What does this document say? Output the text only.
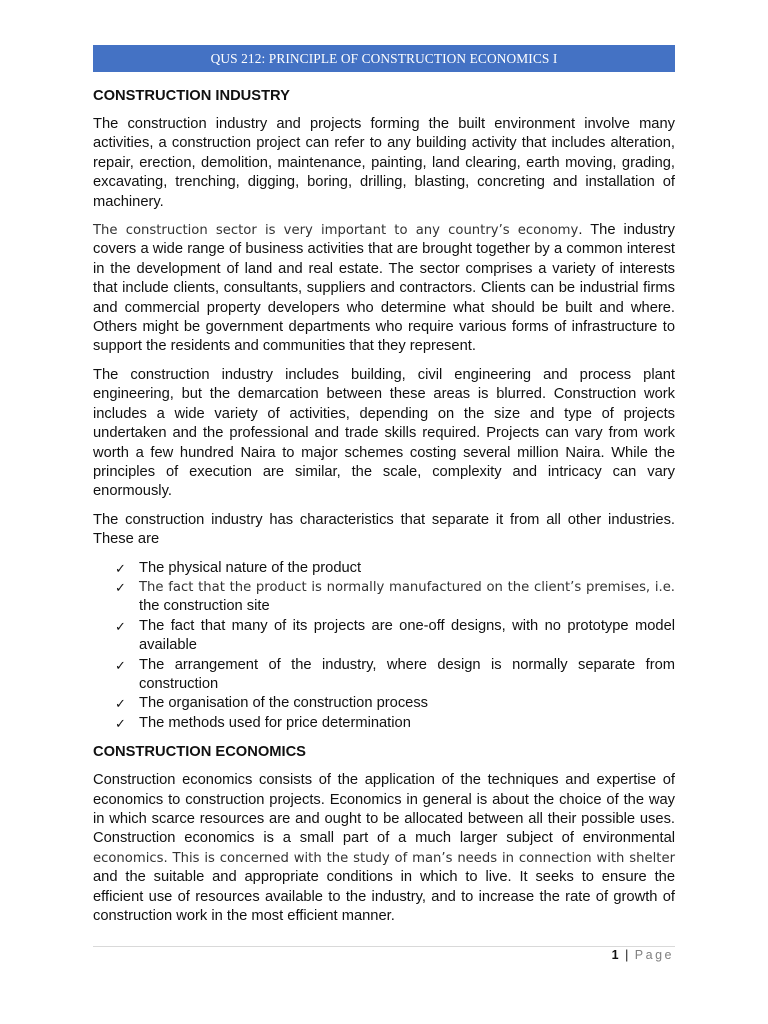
QUS 212: PRINCIPLE OF CONSTRUCTION ECONOMICS I
CONSTRUCTION INDUSTRY

The construction industry and projects forming the built environment involve many activities, a construction project can refer to any building activity that includes alteration, repair, erection, demolition, maintenance, painting, land clearing, earth moving, grading, excavating, trenching, digging, boring, drilling, blasting, concreting and installation of machinery.

The construction sector is very important to any country’s economy. The industry covers a wide range of business activities that are brought together by a common interest in the development of land and real estate. The sector comprises a variety of interests that include clients, consultants, suppliers and contractors. Clients can be industrial firms and commercial property developers who determine what should be built and where. Others might be government departments who require various forms of infrastructure to support the residents and communities that they represent.

The construction industry includes building, civil engineering and process plant engineering, but the demarcation between these areas is blurred. Construction work includes a wide variety of activities, depending on the size and type of projects undertaken and the professional and trade skills required. Projects can vary from work worth a few hundred Naira to major schemes costing several million Naira. While the principles of execution are similar, the scale, complexity and intricacy can vary enormously.

The construction industry has characteristics that separate it from all other industries. These are

✓ The physical nature of the product
✓ The fact that the product is normally manufactured on the client’s premises, i.e. the construction site
✓ The fact that many of its projects are one-off designs, with no prototype model available
✓ The arrangement of the industry, where design is normally separate from construction
✓ The organisation of the construction process
✓ The methods used for price determination
CONSTRUCTION ECONOMICS

Construction economics consists of the application of the techniques and expertise of economics to construction projects. Economics in general is about the choice of the way in which scarce resources are and ought to be allocated between all their possible uses. Construction economics is a small part of a much larger subject of environmental economics. This is concerned with the study of man’s needs in connection with shelter and the suitable and appropriate conditions in which to live. It seeks to ensure the efficient use of resources available to the industry, and to increase the rate of growth of construction work in the most efficient manner.

1 | Page
